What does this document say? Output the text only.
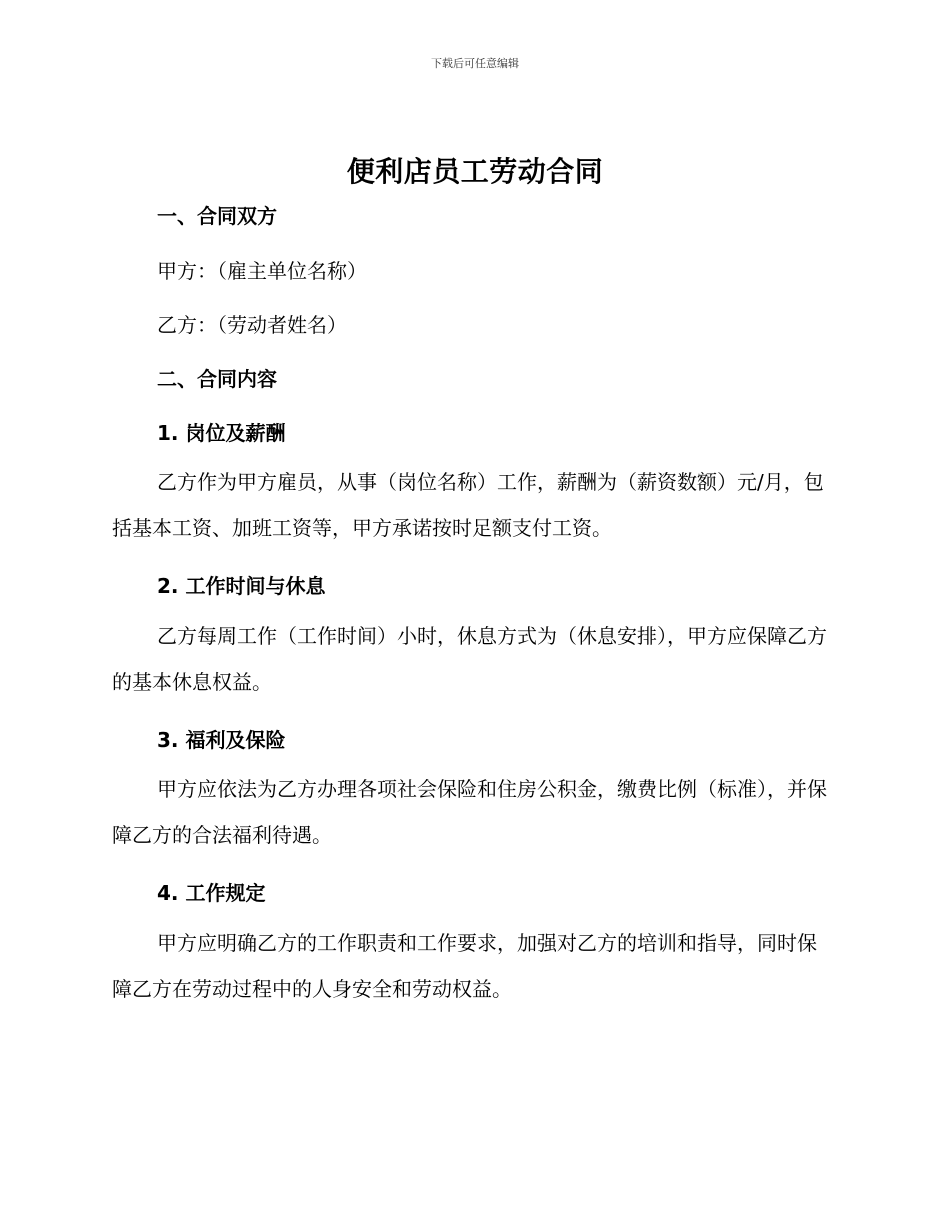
下载后可任意编辑
便利店员工劳动合同
一、合同双方
甲方：（雇主单位名称）
乙方：（劳动者姓名）
二、合同内容
1. 岗位及薪酬
乙方作为甲方雇员，从事（岗位名称）工作，薪酬为（薪资数额）元/月，包括基本工资、加班工资等，甲方承诺按时足额支付工资。
2. 工作时间与休息
乙方每周工作（工作时间）小时，休息方式为（休息安排），甲方应保障乙方的基本休息权益。
3. 福利及保险
甲方应依法为乙方办理各项社会保险和住房公积金，缴费比例（标准），并保障乙方的合法福利待遇。
4. 工作规定
甲方应明确乙方的工作职责和工作要求，加强对乙方的培训和指导，同时保障乙方在劳动过程中的人身安全和劳动权益。
